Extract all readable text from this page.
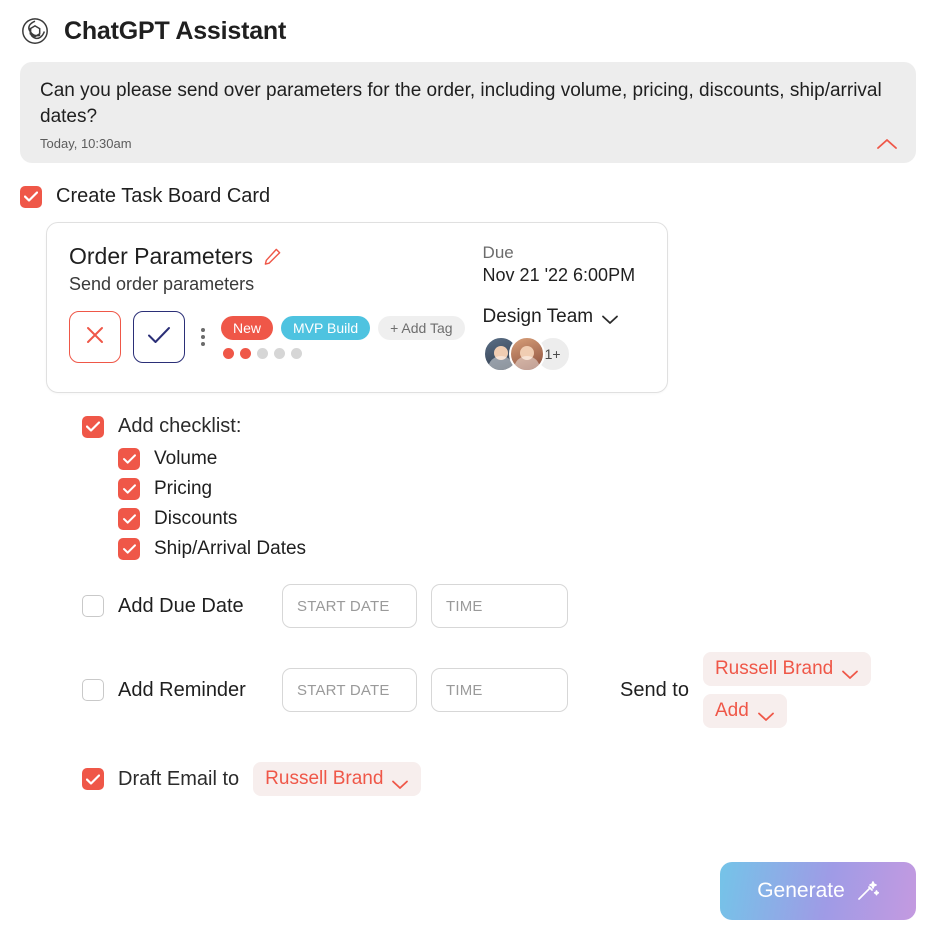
ChatGPT Assistant
Can you please send over parameters for the order, including volume, pricing, discounts, ship/arrival dates?
Today, 10:30am
Create Task Board Card
Order Parameters
Send order parameters
New	MVP Build	+ Add Tag
Due
Nov 21 '22 6:00PM
Design Team
1+
Add checklist:
Volume
Pricing
Discounts
Ship/Arrival Dates
Add Due Date	START DATE	TIME
Add Reminder	START DATE	TIME	Send to
Russell Brand
Add
Draft Email to Russell Brand
Generate
